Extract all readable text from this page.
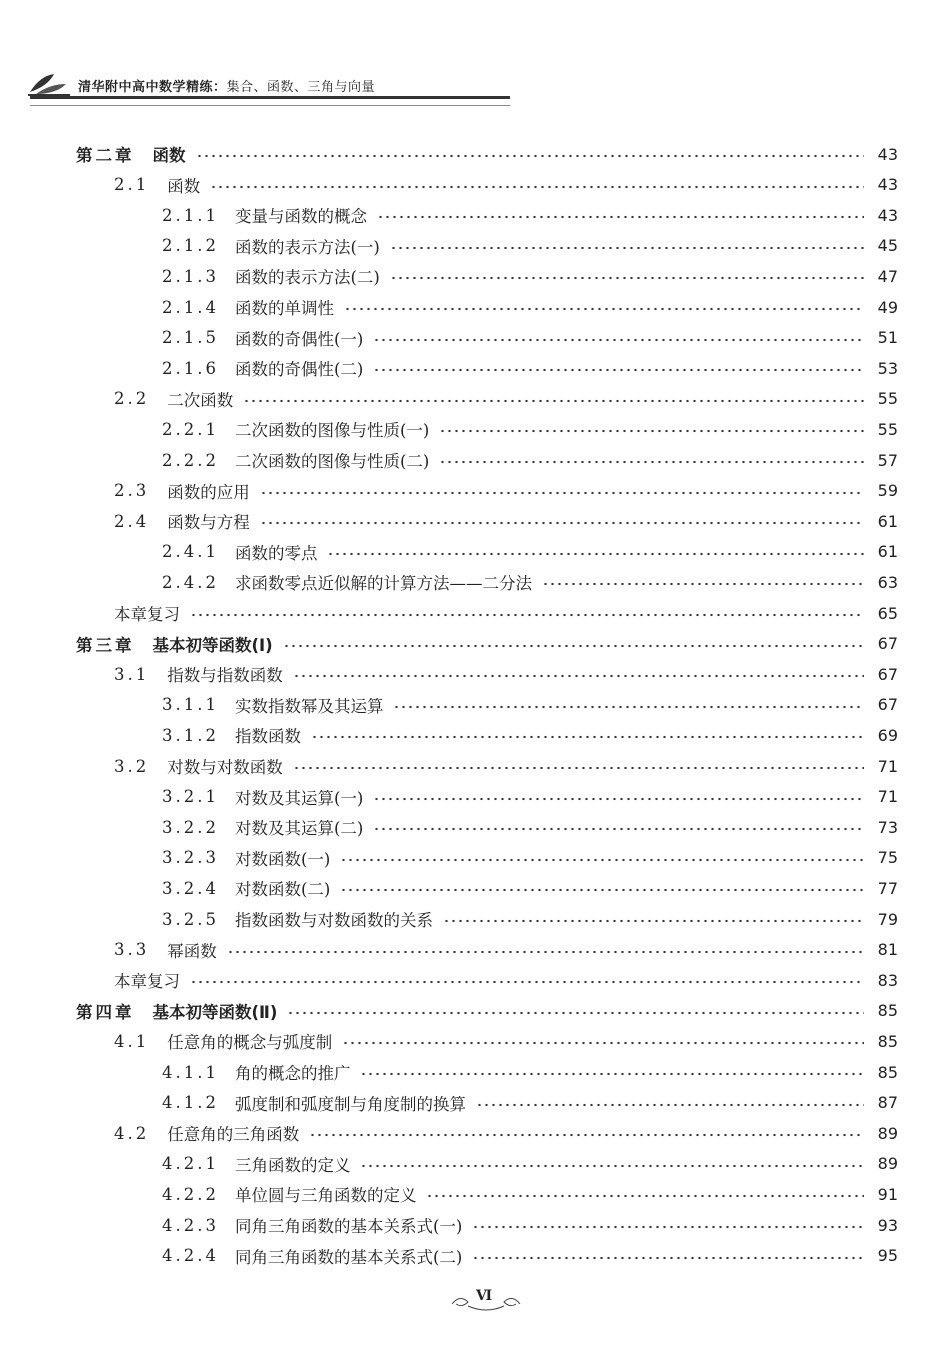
清华附中高中数学精练：集合、函数、三角与向量
第二章 函数	43
2.1 函数	43
2.1.1 变量与函数的概念	43
2.1.2 函数的表示方法(一)	45
2.1.3 函数的表示方法(二)	47
2.1.4 函数的单调性	49
2.1.5 函数的奇偶性(一)	51
2.1.6 函数的奇偶性(二)	53
2.2 二次函数	55
2.2.1 二次函数的图像与性质(一)	55
2.2.2 二次函数的图像与性质(二)	57
2.3 函数的应用	59
2.4 函数与方程	61
2.4.1 函数的零点	61
2.4.2 求函数零点近似解的计算方法——二分法	63
本章复习	65
第三章 基本初等函数(Ⅰ)	67
3.1 指数与指数函数	67
3.1.1 实数指数幂及其运算	67
3.1.2 指数函数	69
3.2 对数与对数函数	71
3.2.1 对数及其运算(一)	71
3.2.2 对数及其运算(二)	73
3.2.3 对数函数(一)	75
3.2.4 对数函数(二)	77
3.2.5 指数函数与对数函数的关系	79
3.3 幂函数	81
本章复习	83
第四章 基本初等函数(Ⅱ)	85
4.1 任意角的概念与弧度制	85
4.1.1 角的概念的推广	85
4.1.2 弧度制和弧度制与角度制的换算	87
4.2 任意角的三角函数	89
4.2.1 三角函数的定义	89
4.2.2 单位圆与三角函数的定义	91
4.2.3 同角三角函数的基本关系式(一)	93
4.2.4 同角三角函数的基本关系式(二)	95
Ⅵ
